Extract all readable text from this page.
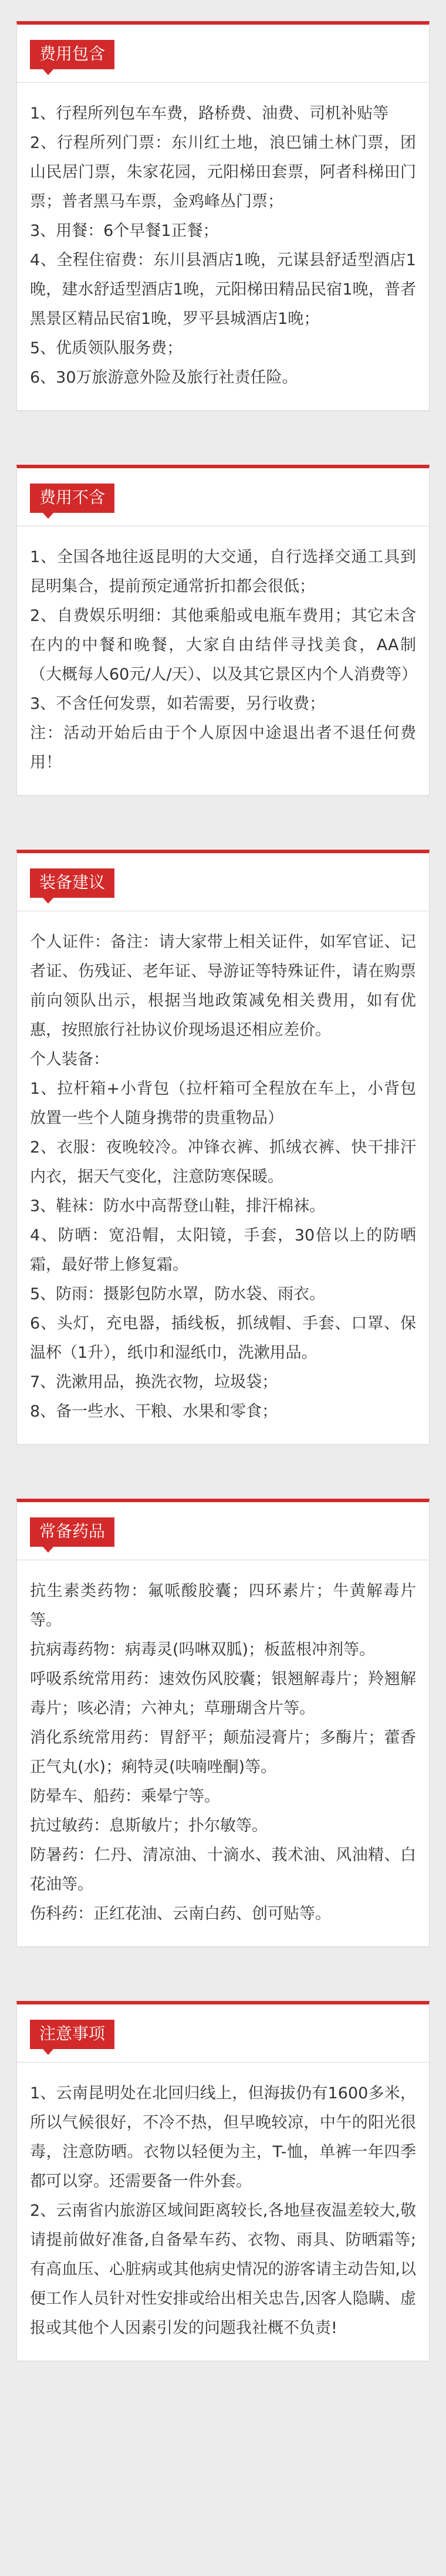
费用包含

1、行程所列包车车费，路桥费、油费、司机补贴等

2、行程所列门票：东川红土地，浪巴铺土林门票，团山民居门票，朱家花园，元阳梯田套票，阿者科梯田门票；普者黑马车票，金鸡峰丛门票；

3、用餐：6个早餐1正餐；

4、全程住宿费：东川县酒店1晚，元谋县舒适型酒店1晚，建水舒适型酒店1晚，元阳梯田精品民宿1晚，普者黑景区精品民宿1晚，罗平县城酒店1晚；

5、优质领队服务费；

6、30万旅游意外险及旅行社责任险。

费用不含

1、全国各地往返昆明的大交通，自行选择交通工具到昆明集合，提前预定通常折扣都会很低；

2、自费娱乐明细：其他乘船或电瓶车费用；其它未含在内的中餐和晚餐，大家自由结伴寻找美食，AA制（大概每人60元/人/天）、以及其它景区内个人消费等）

3、不含任何发票，如若需要，另行收费；

注：活动开始后由于个人原因中途退出者不退任何费用！

装备建议

个人证件：备注：请大家带上相关证件，如军官证、记者证、伤残证、老年证、导游证等特殊证件，请在购票前向领队出示，根据当地政策减免相关费用，如有优惠，按照旅行社协议价现场退还相应差价。

个人装备：

1、拉杆箱+小背包（拉杆箱可全程放在车上，小背包放置一些个人随身携带的贵重物品）

2、衣服：夜晚较冷。冲锋衣裤、抓绒衣裤、快干排汗内衣，据天气变化，注意防寒保暖。

3、鞋袜：防水中高帮登山鞋，排汗棉袜。

4、防晒：宽沿帽，太阳镜，手套，30倍以上的防晒霜，最好带上修复霜。

5、防雨：摄影包防水罩，防水袋、雨衣。

6、头灯，充电器，插线板，抓绒帽、手套、口罩、保温杯（1升），纸巾和湿纸巾，洗漱用品。

7、洗漱用品，换洗衣物，垃圾袋；

8、备一些水、干粮、水果和零食；

常备药品

抗生素类药物：氟哌酸胶囊；四环素片；牛黄解毒片等。

抗病毒药物：病毒灵(吗啉双胍)；板蓝根冲剂等。

呼吸系统常用药：速效伤风胶囊；银翘解毒片；羚翘解毒片；咳必清；六神丸；草珊瑚含片等。

消化系统常用药：胃舒平；颠茄浸膏片；多酶片；藿香正气丸(水)；痢特灵(呋喃唑酮)等。

防晕车、船药：乘晕宁等。

抗过敏药：息斯敏片；扑尔敏等。

防暑药：仁丹、清凉油、十滴水、莪术油、风油精、白花油等。

伤科药：正红花油、云南白药、创可贴等。

注意事项

1、云南昆明处在北回归线上，但海拔仍有1600多米，所以气候很好，不冷不热，但早晚较凉，中午的阳光很毒，注意防晒。衣物以轻便为主，T-恤，单裤一年四季都可以穿。还需要备一件外套。

2、云南省内旅游区域间距离较长,各地昼夜温差较大,敬请提前做好准备,自备晕车药、衣物、雨具、防晒霜等;有高血压、心脏病或其他病史情况的游客请主动告知,以便工作人员针对性安排或给出相关忠告,因客人隐瞒、虚报或其他个人因素引发的问题我社概不负责!
